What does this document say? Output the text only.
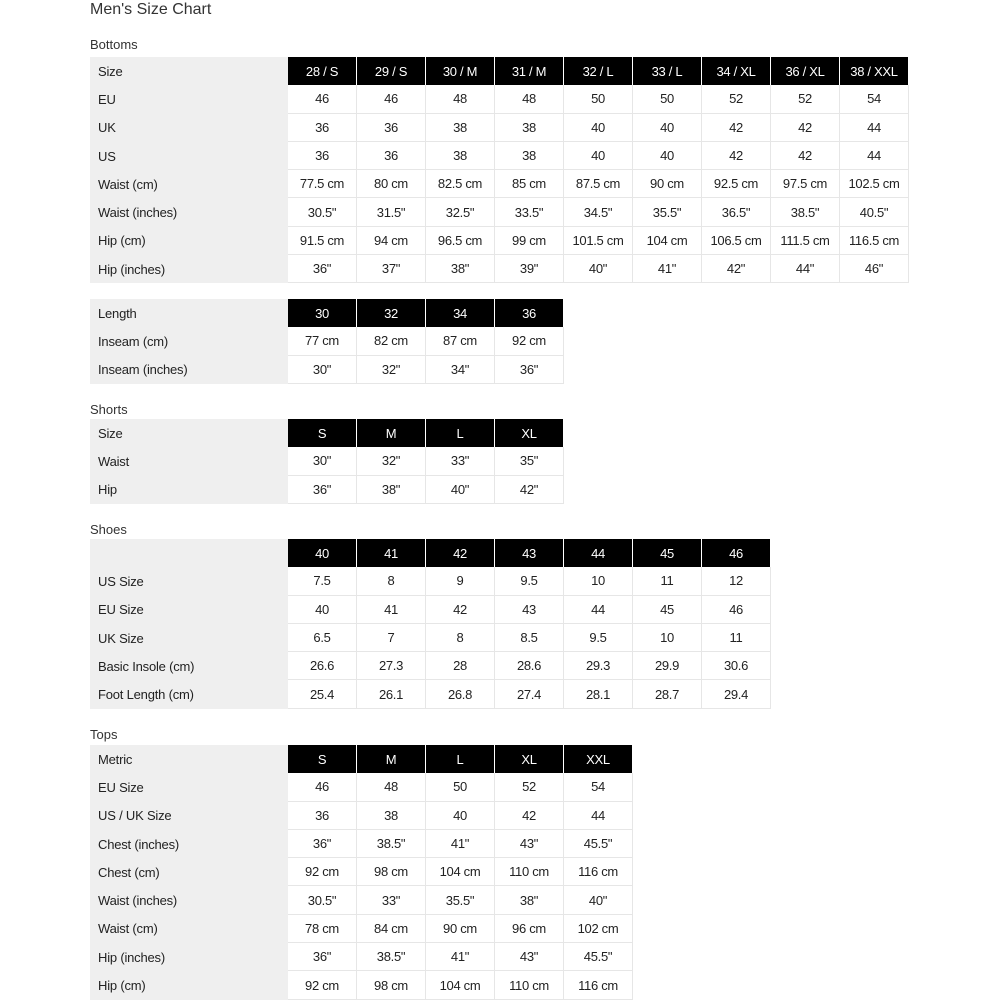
Men's Size Chart
Bottoms
Size	28 / S	29 / S	30 / M	31 / M	32 / L	33 / L	34 / XL	36 / XL	38 / XXL
EU	46	46	48	48	50	50	52	52	54
UK	36	36	38	38	40	40	42	42	44
US	36	36	38	38	40	40	42	42	44
Waist (cm)	77.5 cm	80 cm	82.5 cm	85 cm	87.5 cm	90 cm	92.5 cm	97.5 cm	102.5 cm
Waist (inches)	30.5"	31.5"	32.5"	33.5"	34.5"	35.5"	36.5"	38.5"	40.5"
Hip (cm)	91.5 cm	94 cm	96.5 cm	99 cm	101.5 cm	104 cm	106.5 cm	111.5 cm	116.5 cm
Hip (inches)	36"	37"	38"	39"	40"	41"	42"	44"	46"
Length	30	32	34	36
Inseam (cm)	77 cm	82 cm	87 cm	92 cm
Inseam (inches)	30"	32"	34"	36"
Shorts
Size	S	M	L	XL
Waist	30"	32"	33"	35"
Hip	36"	38"	40"	42"
Shoes
	40	41	42	43	44	45	46
US Size	7.5	8	9	9.5	10	11	12
EU Size	40	41	42	43	44	45	46
UK Size	6.5	7	8	8.5	9.5	10	11
Basic Insole (cm)	26.6	27.3	28	28.6	29.3	29.9	30.6
Foot Length (cm)	25.4	26.1	26.8	27.4	28.1	28.7	29.4
Tops
Metric	S	M	L	XL	XXL
EU Size	46	48	50	52	54
US / UK Size	36	38	40	42	44
Chest (inches)	36"	38.5"	41"	43"	45.5"
Chest (cm)	92 cm	98 cm	104 cm	110 cm	116 cm
Waist (inches)	30.5"	33"	35.5"	38"	40"
Waist (cm)	78 cm	84 cm	90 cm	96 cm	102 cm
Hip (inches)	36"	38.5"	41"	43"	45.5"
Hip (cm)	92 cm	98 cm	104 cm	110 cm	116 cm
